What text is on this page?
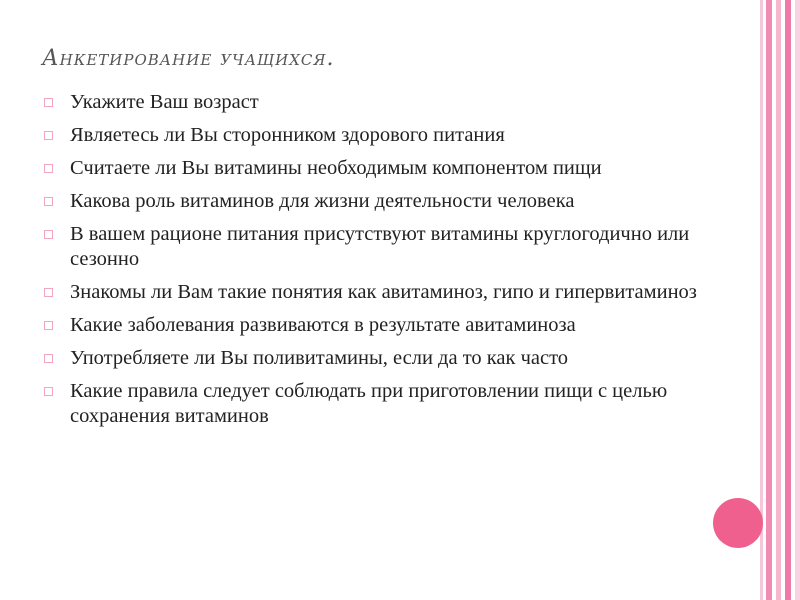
Анкетирование учащихся.
Укажите Ваш возраст
Являетесь ли Вы сторонником здорового питания
Считаете ли Вы витамины необходимым компонентом пищи
Какова роль витаминов для жизни деятельности человека
В вашем рационе питания присутствуют витамины круглогодично или сезонно
Знакомы ли Вам такие понятия как авитаминоз, гипо и гипервитаминоз
Какие заболевания развиваются в результате авитаминоза
Употребляете ли Вы поливитамины, если да то как часто
Какие правила следует соблюдать при приготовлении пищи с целью сохранения витаминов
